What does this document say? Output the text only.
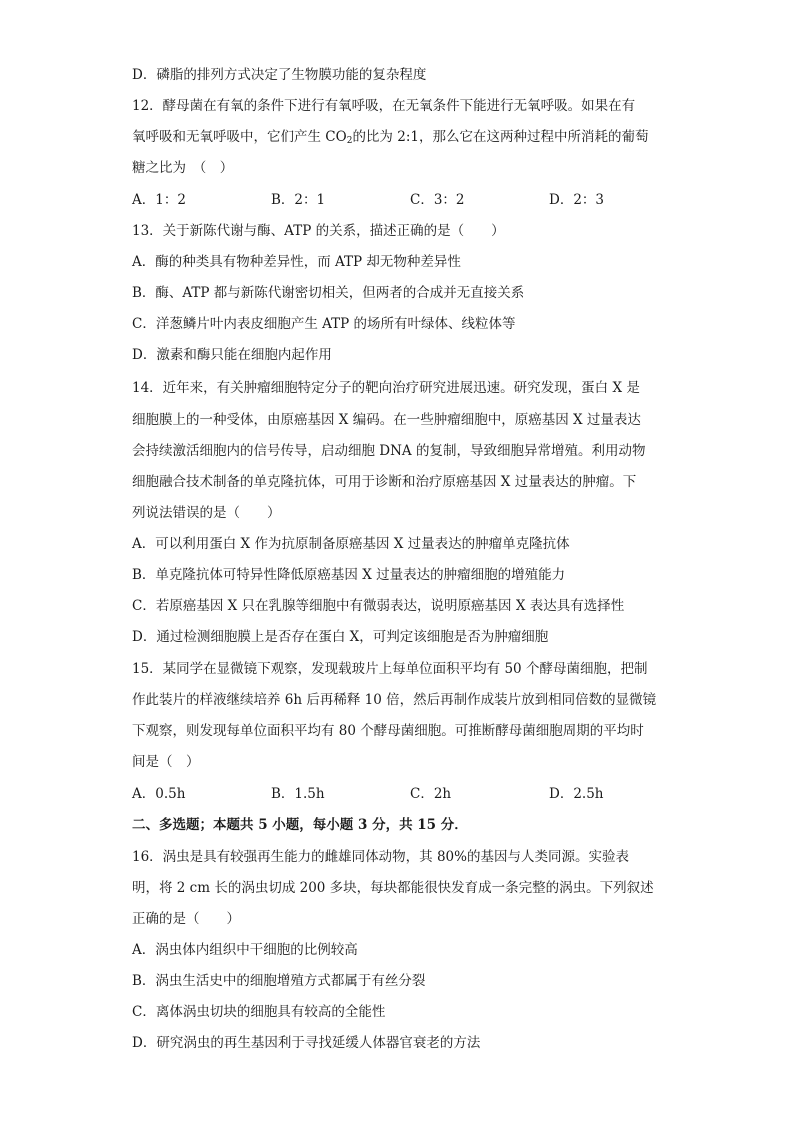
D．磷脂的排列方式决定了生物膜功能的复杂程度
12．酵母菌在有氧的条件下进行有氧呼吸，在无氧条件下能进行无氧呼吸。如果在有
氧呼吸和无氧呼吸中，它们产生 $CO_2$的比为 2:1，那么它在这两种过程中所消耗的葡萄
糖之比为　（　）
A．1：2	B．2：1	C．3：2	D．2：3
13．关于新陈代谢与酶、ATP 的关系，描述正确的是（　　）
A．酶的种类具有物种差异性，而 ATP 却无物种差异性
B．酶、ATP 都与新陈代谢密切相关，但两者的合成并无直接关系
C．洋葱鳞片叶内表皮细胞产生 ATP 的场所有叶绿体、线粒体等
D．激素和酶只能在细胞内起作用
14．近年来，有关肿瘤细胞特定分子的靶向治疗研究进展迅速。研究发现，蛋白 X 是
细胞膜上的一种受体，由原癌基因 X 编码。在一些肿瘤细胞中，原癌基因 X 过量表达
会持续激活细胞内的信号传导，启动细胞 DNA 的复制，导致细胞异常增殖。利用动物
细胞融合技术制备的单克隆抗体，可用于诊断和治疗原癌基因 X 过量表达的肿瘤。下
列说法错误的是（　　）
A．可以利用蛋白 X 作为抗原制备原癌基因 X 过量表达的肿瘤单克隆抗体
B．单克隆抗体可特异性降低原癌基因 X 过量表达的肿瘤细胞的增殖能力
C．若原癌基因 X 只在乳腺等细胞中有微弱表达，说明原癌基因 X 表达具有选择性
D．通过检测细胞膜上是否存在蛋白 X，可判定该细胞是否为肿瘤细胞
15．某同学在显微镜下观察，发现载玻片上每单位面积平均有 50 个酵母菌细胞，把制
作此装片的样液继续培养 6h 后再稀释 10 倍，然后再制作成装片放到相同倍数的显微镜
下观察，则发现每单位面积平均有 80 个酵母菌细胞。可推断酵母菌细胞周期的平均时
间是（　）
A．0.5h	B．1.5h	C．2h	D．2.5h
二、多选题；本题共 5 小题，每小题 3 分，共 15 分．
16．涡虫是具有较强再生能力的雌雄同体动物，其 80%的基因与人类同源。实验表
明，将 2 cm 长的涡虫切成 200 多块，每块都能很快发育成一条完整的涡虫。下列叙述
正确的是（　　）
A．涡虫体内组织中干细胞的比例较高
B．涡虫生活史中的细胞增殖方式都属于有丝分裂
C．离体涡虫切块的细胞具有较高的全能性
D．研究涡虫的再生基因利于寻找延缓人体器官衰老的方法
